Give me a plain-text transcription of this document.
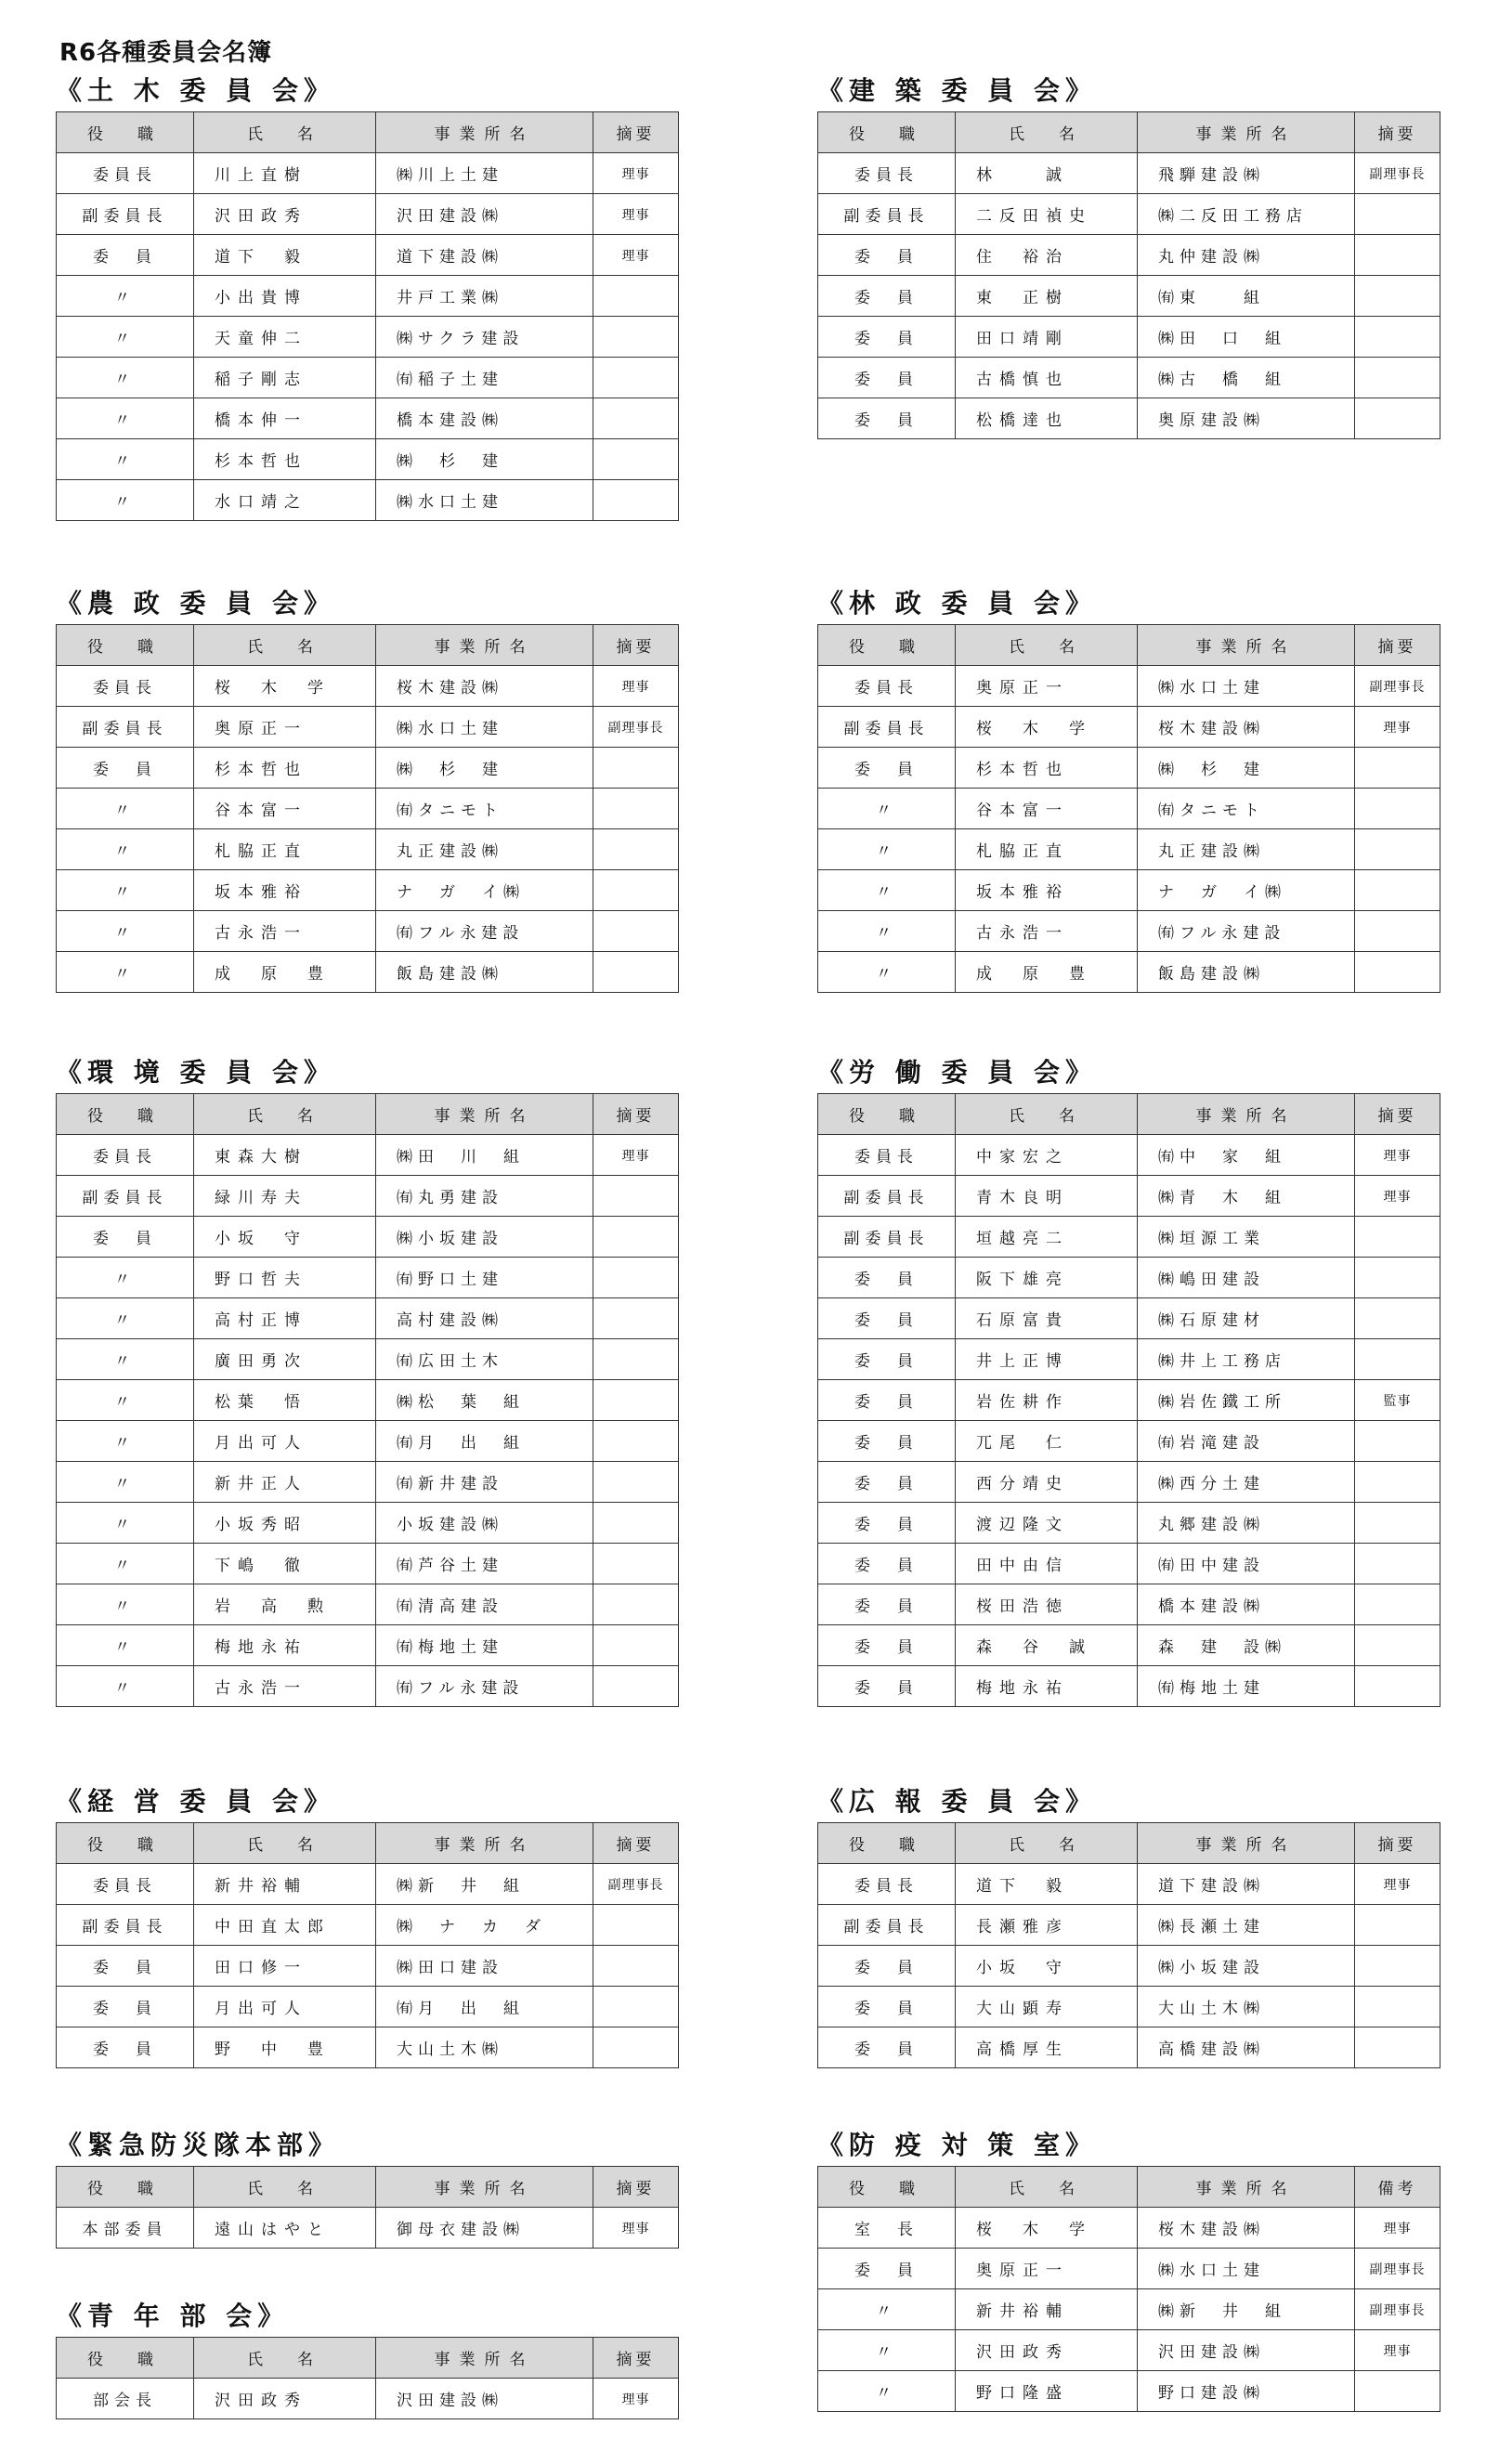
R6各種委員会名簿
《土 木 委 員 会》
役　職	氏　名	事業所名	摘要
委員長	川上直樹	㈱川上土建	理事
副委員長	沢田政秀	沢田建設㈱	理事
委　員	道下　毅	道下建設㈱	理事
〃	小出貴博	井戸工業㈱	
〃	天童伸二	㈱サクラ建設	
〃	稲子剛志	㈲稲子土建	
〃	橋本伸一	橋本建設㈱	
〃	杉本哲也	㈱　杉　建	
〃	水口靖之	㈱水口土建	
《建 築 委 員 会》
役　職	氏　名	事業所名	摘要
委員長	林　　誠	飛騨建設㈱	副理事長
副委員長	二反田禎史	㈱二反田工務店	
委　員	住　裕治	丸仲建設㈱	
委　員	東　正樹	㈲東　　組	
委　員	田口靖剛	㈱田　口　組	
委　員	古橋慎也	㈱古　橋　組	
委　員	松橋達也	奥原建設㈱	
《農 政 委 員 会》
役　職	氏　名	事業所名	摘要
委員長	桜　木　学	桜木建設㈱	理事
副委員長	奥原正一	㈱水口土建	副理事長
委　員	杉本哲也	㈱　杉　建	
〃	谷本富一	㈲タニモト	
〃	札脇正直	丸正建設㈱	
〃	坂本雅裕	ナ　ガ　イ㈱	
〃	古永浩一	㈲フル永建設	
〃	成　原　豊	飯島建設㈱	
《林 政 委 員 会》
役　職	氏　名	事業所名	摘要
委員長	奥原正一	㈱水口土建	副理事長
副委員長	桜　木　学	桜木建設㈱	理事
委　員	杉本哲也	㈱　杉　建	
〃	谷本富一	㈲タニモト	
〃	札脇正直	丸正建設㈱	
〃	坂本雅裕	ナ　ガ　イ㈱	
〃	古永浩一	㈲フル永建設	
〃	成　原　豊	飯島建設㈱	
《環 境 委 員 会》
役　職	氏　名	事業所名	摘要
委員長	東森大樹	㈱田　川　組	理事
副委員長	緑川寿夫	㈲丸勇建設	
委　員	小坂　守	㈱小坂建設	
〃	野口哲夫	㈲野口土建	
〃	高村正博	高村建設㈱	
〃	廣田勇次	㈲広田土木	
〃	松葉　悟	㈱松　葉　組	
〃	月出可人	㈲月　出　組	
〃	新井正人	㈲新井建設	
〃	小坂秀昭	小坂建設㈱	
〃	下嶋　徹	㈲芦谷土建	
〃	岩　高　勲	㈲清高建設	
〃	梅地永祐	㈲梅地土建	
〃	古永浩一	㈲フル永建設	
《労 働 委 員 会》
役　職	氏　名	事業所名	摘要
委員長	中家宏之	㈲中　家　組	理事
副委員長	青木良明	㈱青　木　組	理事
副委員長	垣越亮二	㈱垣源工業	
委　員	阪下雄亮	㈱嶋田建設	
委　員	石原富貴	㈱石原建材	
委　員	井上正博	㈱井上工務店	
委　員	岩佐耕作	㈱岩佐鐵工所	監事
委　員	兀尾　仁	㈲岩滝建設	
委　員	西分靖史	㈱西分土建	
委　員	渡辺隆文	丸郷建設㈱	
委　員	田中由信	㈲田中建設	
委　員	桜田浩徳	橋本建設㈱	
委　員	森　谷　誠	森　建　設㈱	
委　員	梅地永祐	㈲梅地土建	
《経 営 委 員 会》
役　職	氏　名	事業所名	摘要
委員長	新井裕輔	㈱新　井　組	副理事長
副委員長	中田直太郎	㈱　ナ　カ　ダ	
委　員	田口修一	㈱田口建設	
委　員	月出可人	㈲月　出　組	
委　員	野　中　豊	大山土木㈱	
《広 報 委 員 会》
役　職	氏　名	事業所名	摘要
委員長	道下　毅	道下建設㈱	理事
副委員長	長瀬雅彦	㈱長瀬土建	
委　員	小坂　守	㈱小坂建設	
委　員	大山顕寿	大山土木㈱	
委　員	高橋厚生	高橋建設㈱	
《緊急防災隊本部》
役　職	氏　名	事業所名	摘要
本部委員	遠山はやと	御母衣建設㈱	理事
《防 疫 対 策 室》
役　職	氏　名	事業所名	備考
室　長	桜　木　学	桜木建設㈱	理事
委　員	奥原正一	㈱水口土建	副理事長
〃	新井裕輔	㈱新　井　組	副理事長
〃	沢田政秀	沢田建設㈱	理事
〃	野口隆盛	野口建設㈱	
《青 年 部 会》
役　職	氏　名	事業所名	摘要
部会長	沢田政秀	沢田建設㈱	理事
